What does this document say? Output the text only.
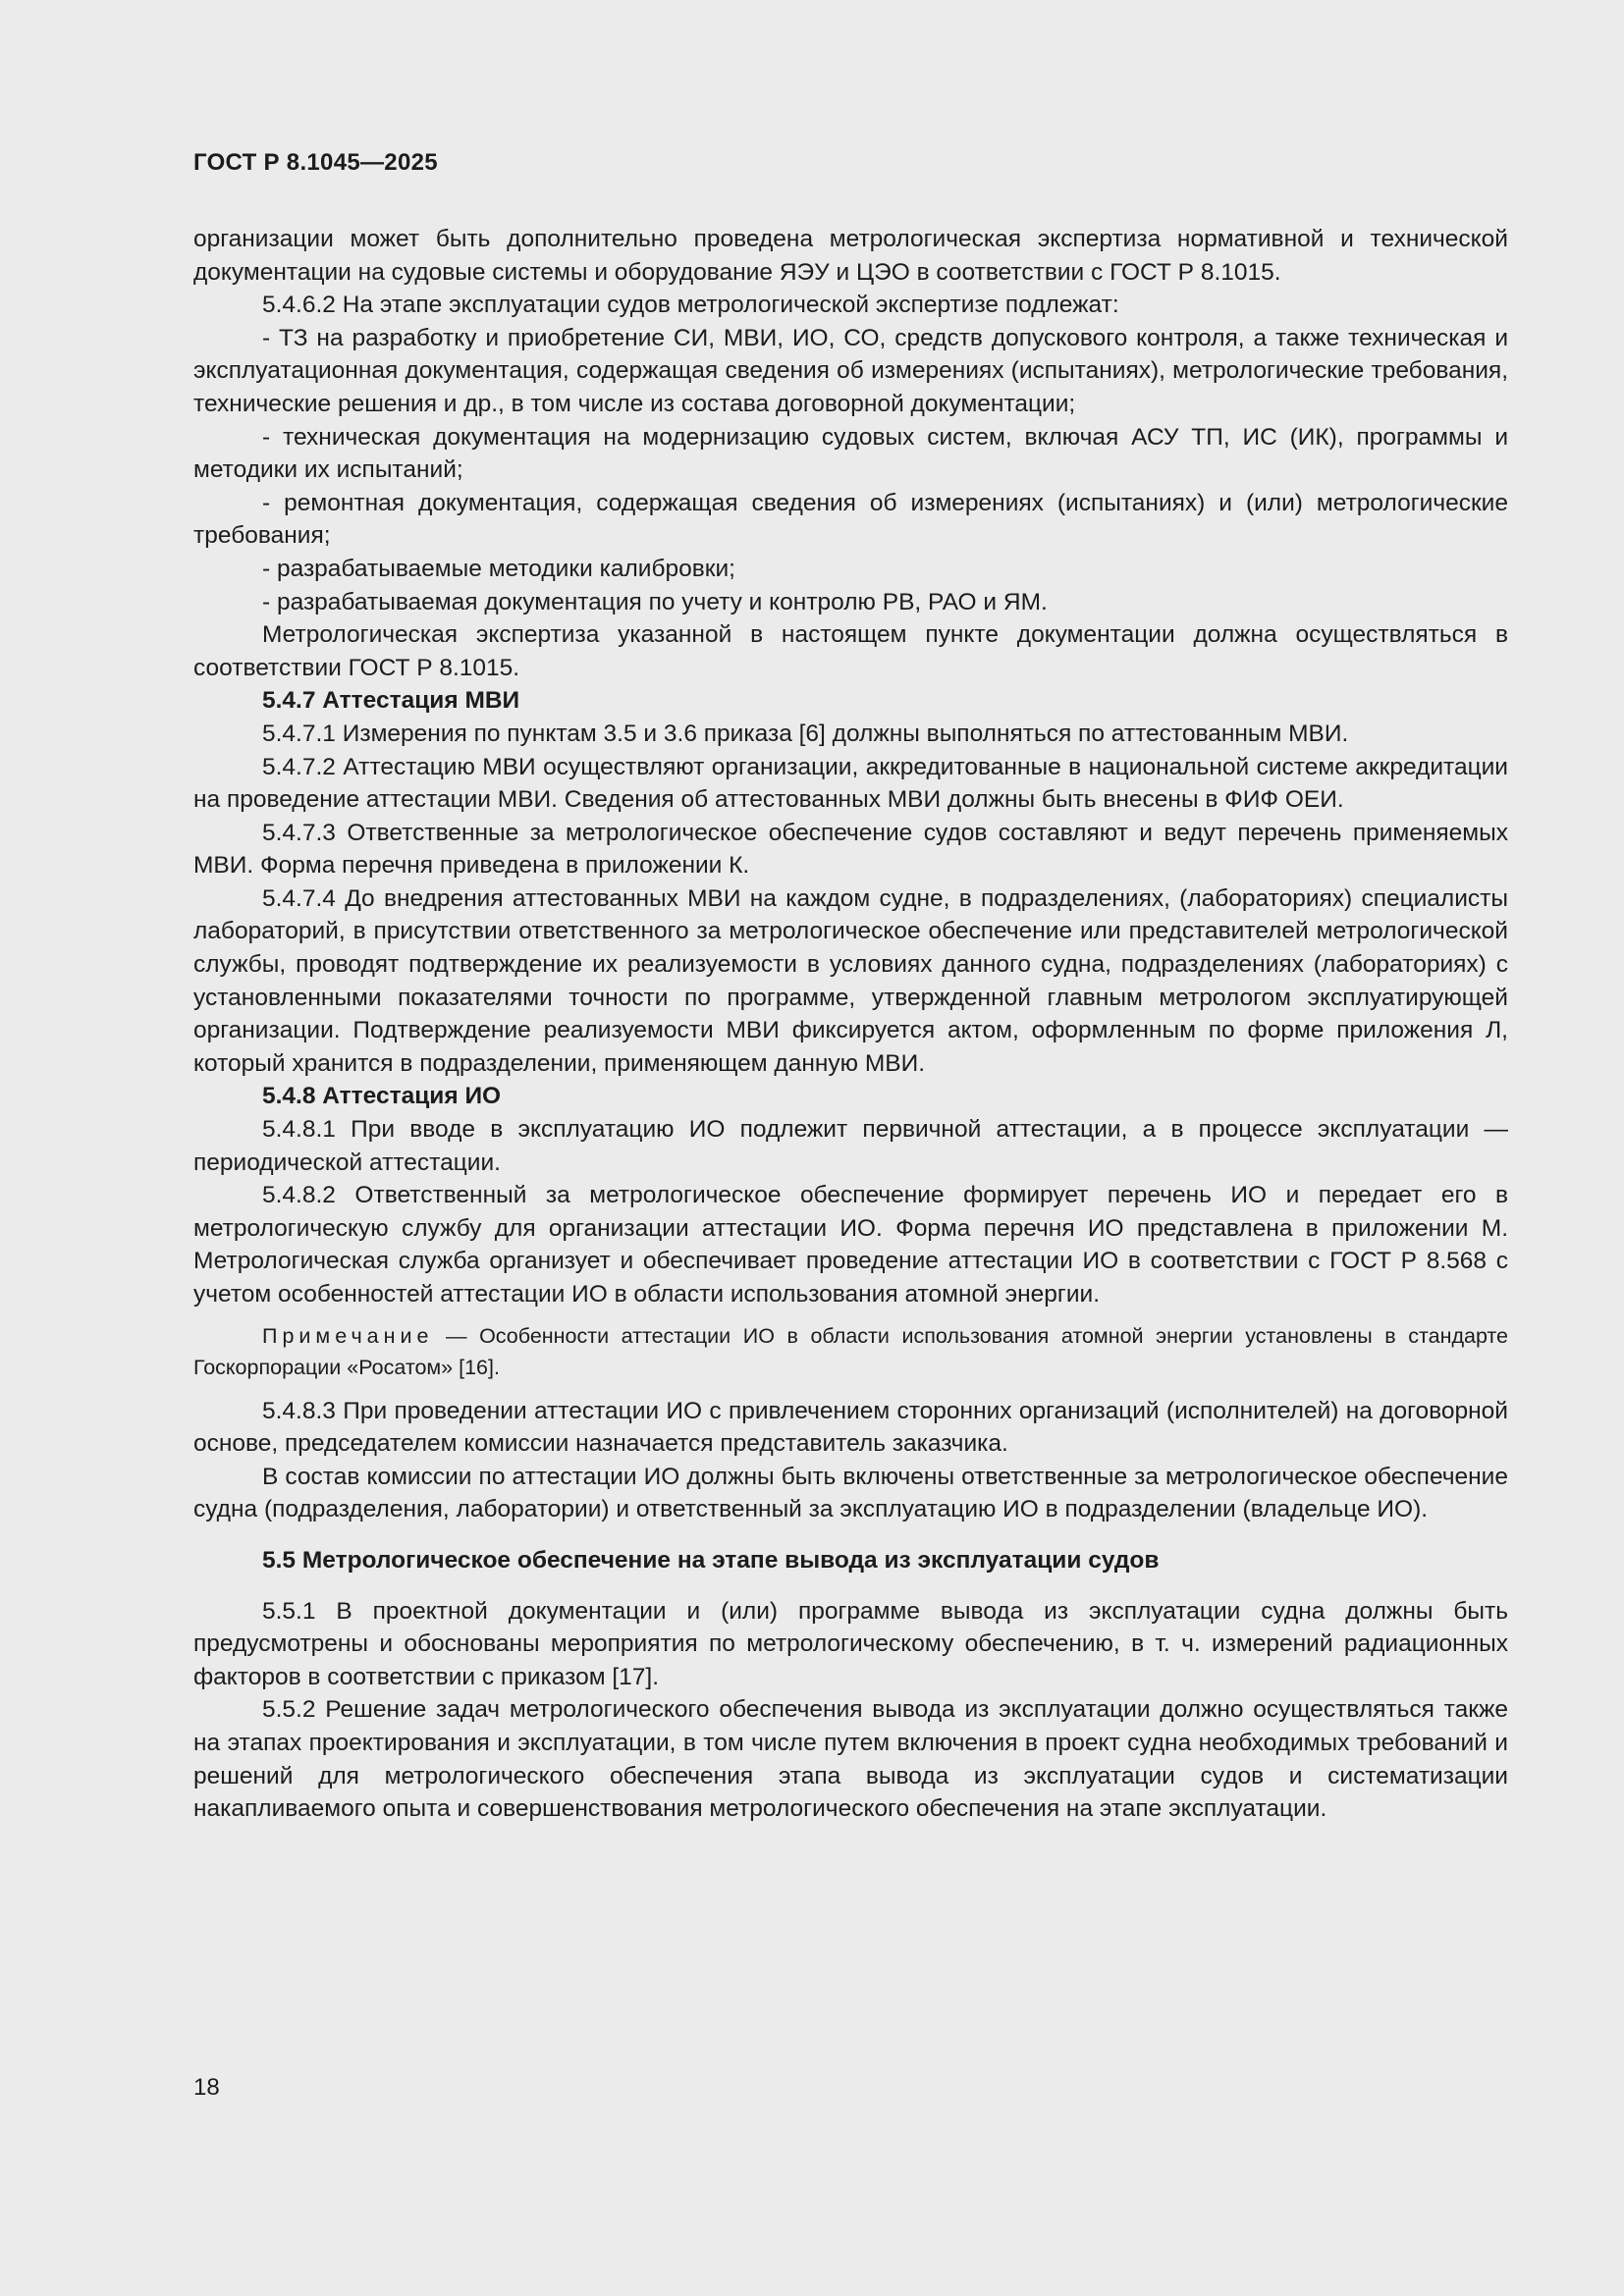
ГОСТ Р 8.1045—2025

организации может быть дополнительно проведена метрологическая экспертиза нормативной и технической документации на судовые системы и оборудование ЯЭУ и ЦЭО в соответствии с ГОСТ Р 8.1015.

5.4.6.2 На этапе эксплуатации судов метрологической экспертизе подлежат:

- ТЗ на разработку и приобретение СИ, МВИ, ИО, СО, средств допускового контроля, а также техническая и эксплуатационная документация, содержащая сведения об измерениях (испытаниях), метрологические требования, технические решения и др., в том числе из состава договорной документации;

- техническая документация на модернизацию судовых систем, включая АСУ ТП, ИС (ИК), программы и методики их испытаний;

- ремонтная документация, содержащая сведения об измерениях (испытаниях) и (или) метрологические требования;

- разрабатываемые методики калибровки;

- разрабатываемая документация по учету и контролю РВ, РАО и ЯМ.

Метрологическая экспертиза указанной в настоящем пункте документации должна осуществляться в соответствии ГОСТ Р 8.1015.

5.4.7 Аттестация МВИ

5.4.7.1 Измерения по пунктам 3.5 и 3.6 приказа [6] должны выполняться по аттестованным МВИ.

5.4.7.2 Аттестацию МВИ осуществляют организации, аккредитованные в национальной системе аккредитации на проведение аттестации МВИ. Сведения об аттестованных МВИ должны быть внесены в ФИФ ОЕИ.

5.4.7.3 Ответственные за метрологическое обеспечение судов составляют и ведут перечень применяемых МВИ. Форма перечня приведена в приложении К.

5.4.7.4 До внедрения аттестованных МВИ на каждом судне, в подразделениях, (лабораториях) специалисты лабораторий, в присутствии ответственного за метрологическое обеспечение или представителей метрологической службы, проводят подтверждение их реализуемости в условиях данного судна, подразделениях (лабораториях) с установленными показателями точности по программе, утвержденной главным метрологом эксплуатирующей организации. Подтверждение реализуемости МВИ фиксируется актом, оформленным по форме приложения Л, который хранится в подразделении, применяющем данную МВИ.

5.4.8 Аттестация ИО

5.4.8.1 При вводе в эксплуатацию ИО подлежит первичной аттестации, а в процессе эксплуатации — периодической аттестации.

5.4.8.2 Ответственный за метрологическое обеспечение формирует перечень ИО и передает его в метрологическую службу для организации аттестации ИО. Форма перечня ИО представлена в приложении М. Метрологическая служба организует и обеспечивает проведение аттестации ИО в соответствии с ГОСТ Р 8.568 с учетом особенностей аттестации ИО в области использования атомной энергии.

Примечание — Особенности аттестации ИО в области использования атомной энергии установлены в стандарте Госкорпорации «Росатом» [16].

5.4.8.3 При проведении аттестации ИО с привлечением сторонних организаций (исполнителей) на договорной основе, председателем комиссии назначается представитель заказчика.

В состав комиссии по аттестации ИО должны быть включены ответственные за метрологическое обеспечение судна (подразделения, лаборатории) и ответственный за эксплуатацию ИО в подразделении (владельце ИО).

5.5 Метрологическое обеспечение на этапе вывода из эксплуатации судов

5.5.1 В проектной документации и (или) программе вывода из эксплуатации судна должны быть предусмотрены и обоснованы мероприятия по метрологическому обеспечению, в т. ч. измерений радиационных факторов в соответствии с приказом [17].

5.5.2 Решение задач метрологического обеспечения вывода из эксплуатации должно осуществляться также на этапах проектирования и эксплуатации, в том числе путем включения в проект судна необходимых требований и решений для метрологического обеспечения этапа вывода из эксплуатации судов и систематизации накапливаемого опыта и совершенствования метрологического обеспечения на этапе эксплуатации.

18
